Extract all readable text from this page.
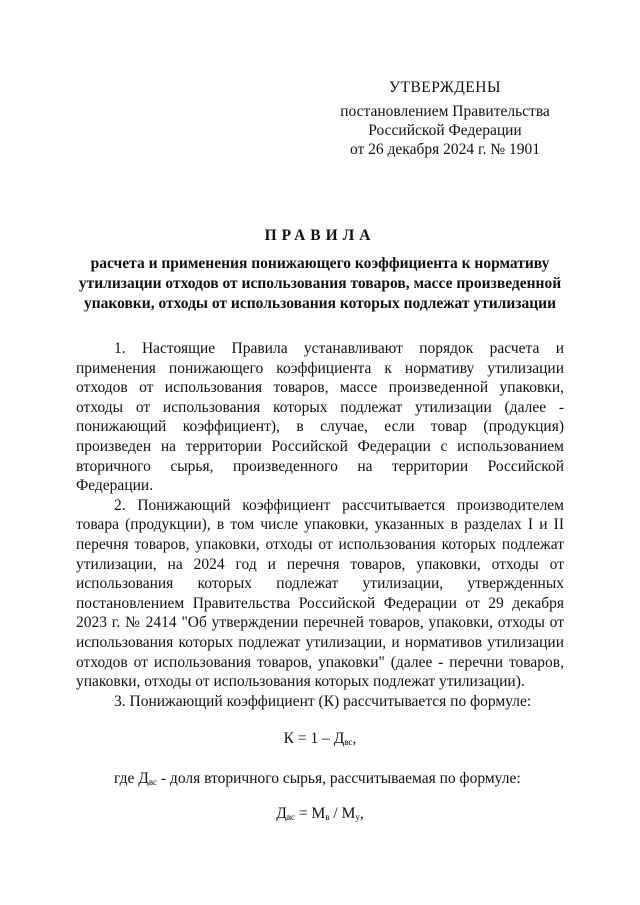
УТВЕРЖДЕНЫ
постановлением Правительства
Российской Федерации
от 26 декабря 2024 г. № 1901
ПРАВИЛА
расчета и применения понижающего коэффициента к нормативу утилизации отходов от использования товаров, массе произведенной упаковки, отходы от использования которых подлежат утилизации

1. Настоящие Правила устанавливают порядок расчета и применения понижающего коэффициента к нормативу утилизации отходов от использования товаров, массе произведенной упаковки, отходы от использования которых подлежат утилизации (далее - понижающий коэффициент), в случае, если товар (продукция) произведен на территории Российской Федерации с использованием вторичного сырья, произведенного на территории Российской Федерации.

2. Понижающий коэффициент рассчитывается производителем товара (продукции), в том числе упаковки, указанных в разделах I и II перечня товаров, упаковки, отходы от использования которых подлежат утилизации, на 2024 год и перечня товаров, упаковки, отходы от использования которых подлежат утилизации, утвержденных постановлением Правительства Российской Федерации от 29 декабря 2023 г. № 2414 "Об утверждении перечней товаров, упаковки, отходы от использования которых подлежат утилизации, и нормативов утилизации отходов от использования товаров, упаковки" (далее - перечни товаров, упаковки, отходы от использования которых подлежат утилизации).

3. Понижающий коэффициент (К) рассчитывается по формуле:

$К = 1 - Д_{вс}$,

где $Д_{вс}$ - доля вторичного сырья, рассчитываемая по формуле:

$Д_{вс} = М_в / М_у$,
